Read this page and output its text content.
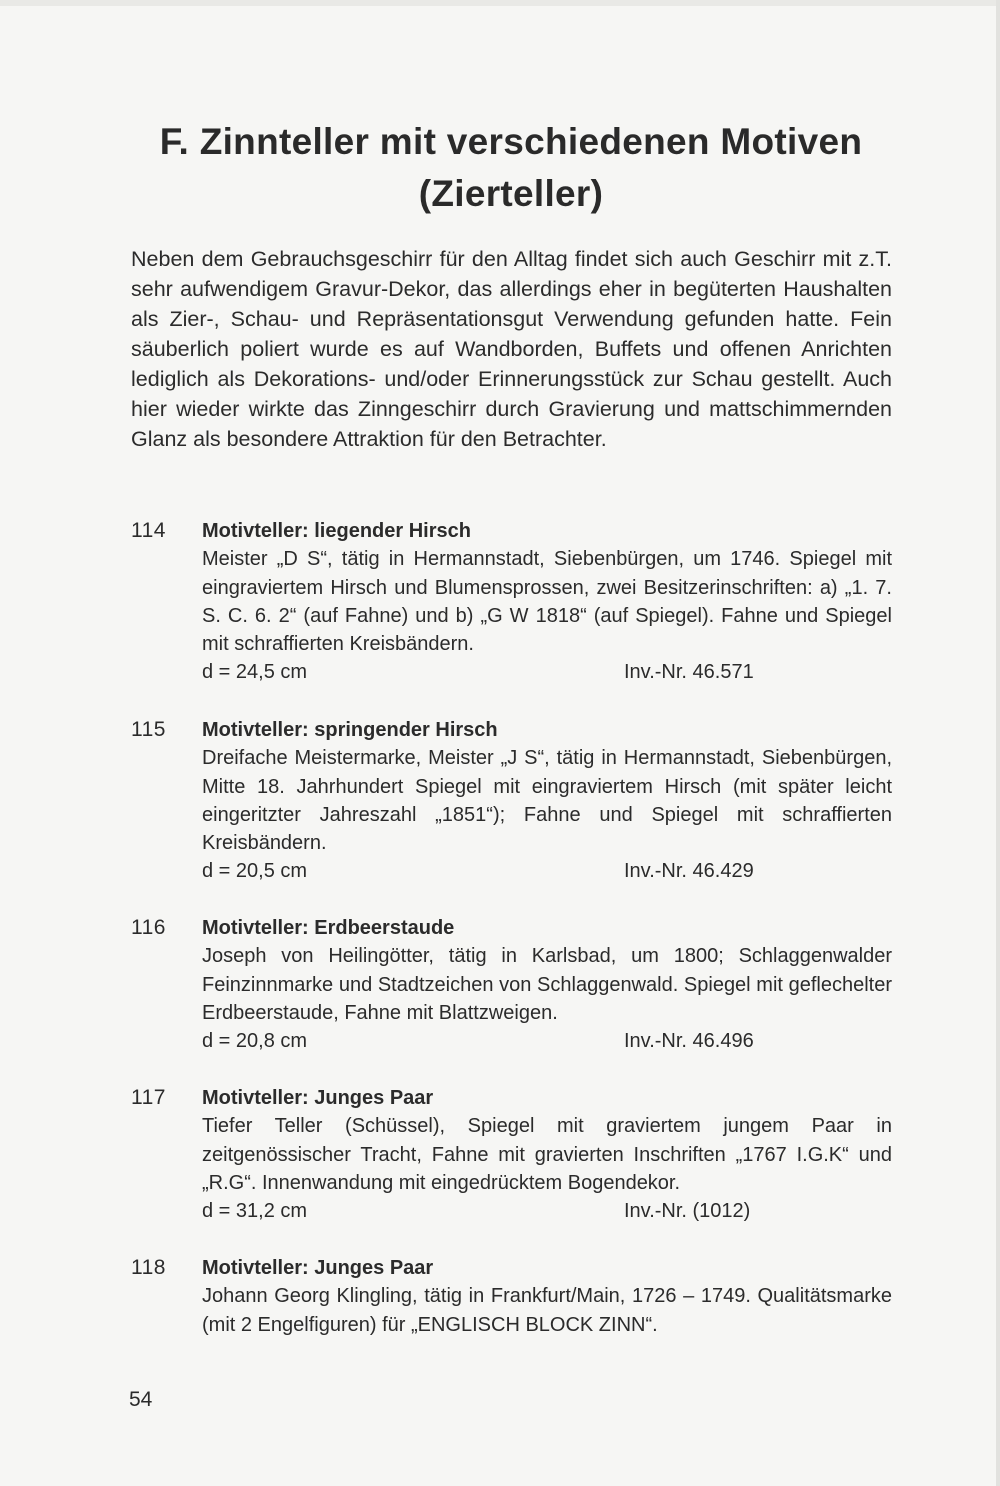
F. Zinnteller mit verschiedenen Motiven
(Zierteller)

Neben dem Gebrauchsgeschirr für den Alltag findet sich auch Geschirr mit z.T. sehr aufwendigem Gravur-Dekor, das allerdings eher in begüterten Haushalten als Zier-, Schau- und Repräsentationsgut Verwendung gefunden hatte. Fein säuberlich poliert wurde es auf Wandborden, Buffets und offenen Anrichten lediglich als Dekorations- und/oder Erinnerungsstück zur Schau gestellt. Auch hier wieder wirkte das Zinngeschirr durch Gravierung und mattschimmernden Glanz als besondere Attraktion für den Betrachter.

114 Motivteller: liegender Hirsch
Meister „D S“, tätig in Hermannstadt, Siebenbürgen, um 1746. Spiegel mit eingraviertem Hirsch und Blumensprossen, zwei Besitzerinschriften: a) „1. 7. S. C. 6. 2“ (auf Fahne) und b) „G W 1818“ (auf Spiegel). Fahne und Spiegel mit schraffierten Kreisbändern.
d = 24,5 cm	Inv.-Nr. 46.571
115 Motivteller: springender Hirsch
Dreifache Meistermarke, Meister „J S“, tätig in Hermannstadt, Siebenbürgen, Mitte 18. Jahrhundert Spiegel mit eingraviertem Hirsch (mit später leicht eingeritzter Jahreszahl „1851“); Fahne und Spiegel mit schraffierten Kreisbändern.
d = 20,5 cm	Inv.-Nr. 46.429
116 Motivteller: Erdbeerstaude
Joseph von Heilingötter, tätig in Karlsbad, um 1800; Schlaggenwalder Feinzinnmarke und Stadtzeichen von Schlaggenwald. Spiegel mit geflechelter Erdbeerstaude, Fahne mit Blattzweigen.
d = 20,8 cm	Inv.-Nr. 46.496
117 Motivteller: Junges Paar
Tiefer Teller (Schüssel), Spiegel mit graviertem jungem Paar in zeitgenössischer Tracht, Fahne mit gravierten Inschriften „1767 I.G.K“ und „R.G“. Innenwandung mit eingedrücktem Bogendekor.
d = 31,2 cm	Inv.-Nr. (1012)
118 Motivteller: Junges Paar
Johann Georg Klingling, tätig in Frankfurt/Main, 1726 – 1749. Qualitätsmarke (mit 2 Engelfiguren) für „ENGLISCH BLOCK ZINN“.
54
